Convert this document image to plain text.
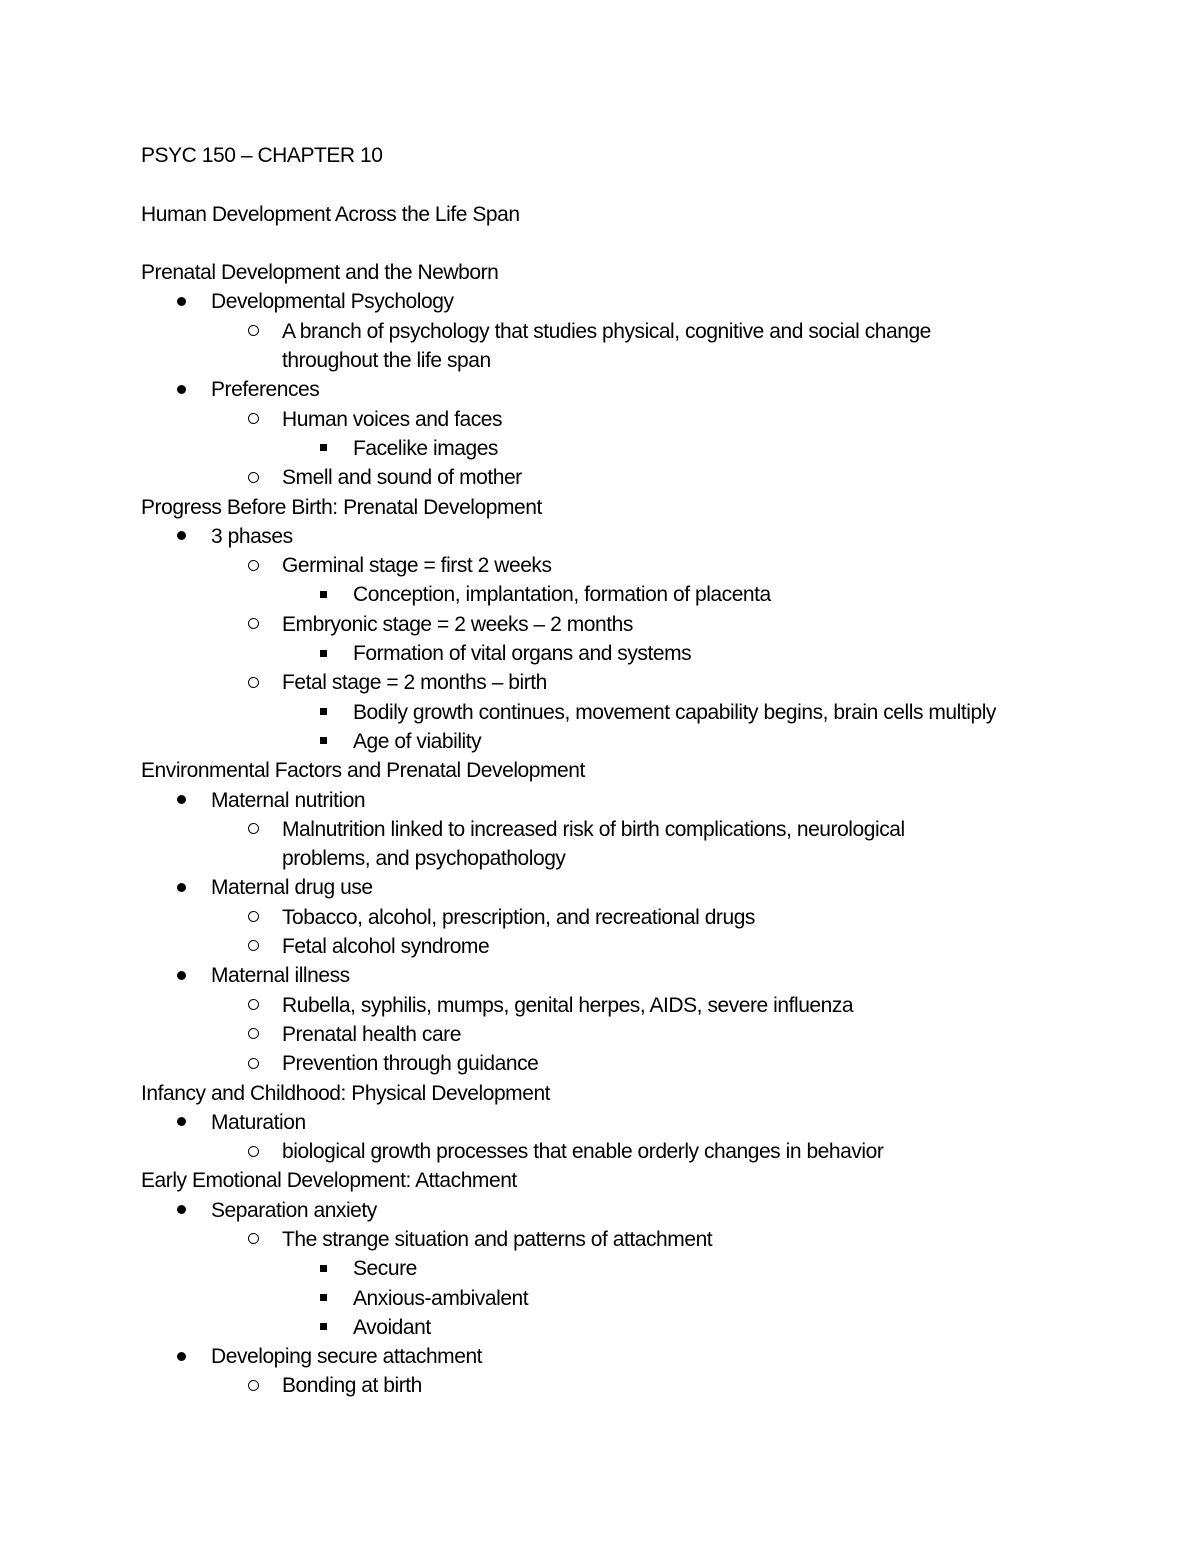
PSYC 150 – CHAPTER 10
Human Development Across the Life Span
Prenatal Development and the Newborn
Developmental Psychology
A branch of psychology that studies physical, cognitive and social change
throughout the life span
Preferences
Human voices and faces
Facelike images
Smell and sound of mother
Progress Before Birth: Prenatal Development
3 phases
Germinal stage = first 2 weeks
Conception, implantation, formation of placenta
Embryonic stage = 2 weeks – 2 months
Formation of vital organs and systems
Fetal stage = 2 months – birth
Bodily growth continues, movement capability begins, brain cells multiply
Age of viability
Environmental Factors and Prenatal Development
Maternal nutrition
Malnutrition linked to increased risk of birth complications, neurological
problems, and psychopathology
Maternal drug use
Tobacco, alcohol, prescription, and recreational drugs
Fetal alcohol syndrome
Maternal illness
Rubella, syphilis, mumps, genital herpes, AIDS, severe influenza
Prenatal health care
Prevention through guidance
Infancy and Childhood: Physical Development
Maturation
biological growth processes that enable orderly changes in behavior
Early Emotional Development: Attachment
Separation anxiety
The strange situation and patterns of attachment
Secure
Anxious-ambivalent
Avoidant
Developing secure attachment
Bonding at birth
